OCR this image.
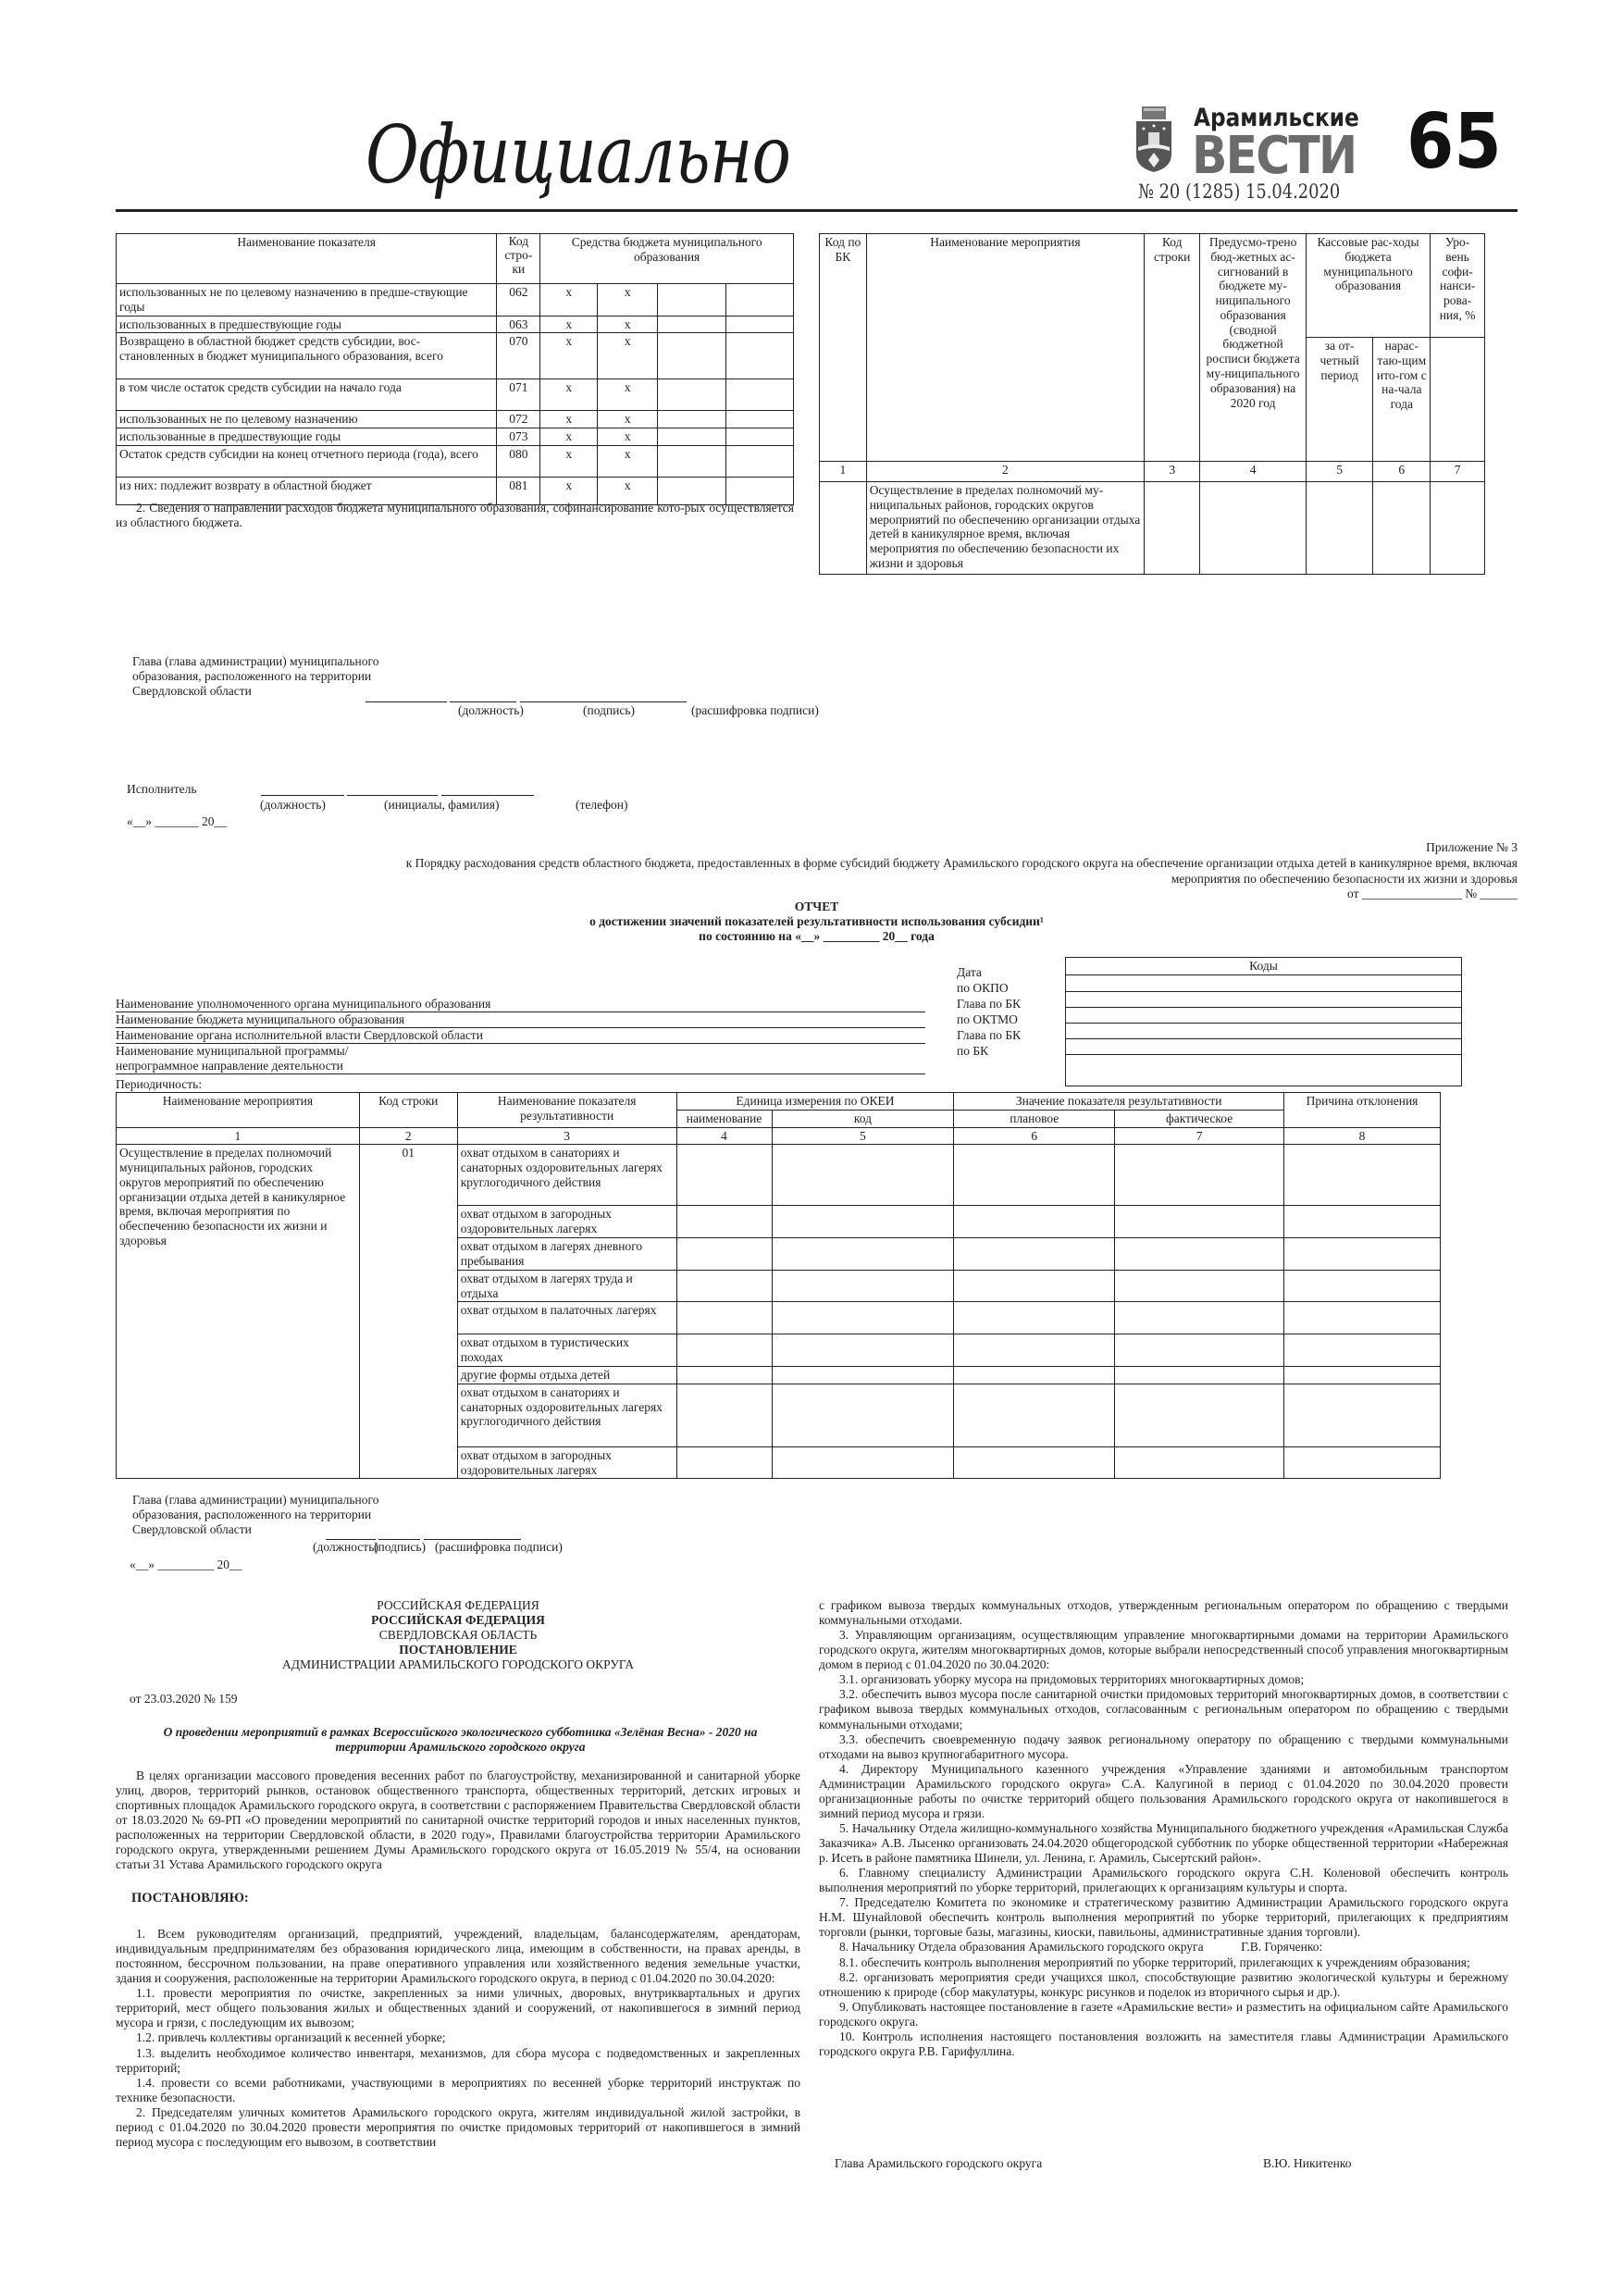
Официально	Арамильские
ВЕСТИ
№ 20 (1285) 15.04.2020
65
Наименование показателя	Код
стро-
ки	Средства бюджета муниципального образования			
использованных не по целевому назначению в предше-ствующие годы	062	x	x		
использованных в предшествующие годы	063	x	x		
Возвращено в областной бюджет средств субсидии, вос-становленных в бюджет муниципального образования, всего	070	x	x		
в том числе остаток средств субсидии на начало года	071	x	x		
использованных не по целевому назначению	072	x	x		
использованные в предшествующие годы	073	x	x		
Остаток средств субсидии на конец отчетного периода (года), всего	080	x	x		
из них: подлежит возврату в областной бюджет	081	x	x		
2. Сведения о направлении расходов бюджета муниципального образования, софинансирование кото-рых осуществляется из областного бюджета.
Код по БК	Наименование мероприятия	Код строки	Предусмо-трено бюд-жетных ас-сигнований в бюджете му-ниципального образования (сводной бюджетной росписи бюджета му-ниципального образования) на 2020 год	Кассовые рас-ходы бюджета муниципального образования		Уро-вень софи-нанси-рова-ния, %
				за от-четный период	нарас-таю-щим ито-гом с на-чала года	
1	2	3	4	5	6	7
	Осуществление в пределах полномочий му-ниципальных районов, городских округов мероприятий по обеспечению организации отдыха детей в каникулярное время, включая мероприятия по обеспечению безопасности их жизни и здоровья					
Глава (глава администрации) муниципального образования, расположенного на территории Свердловской области

(должность)	(подпись)	(расшифровка подписи)
Исполнитель

(должность)	(инициалы, фамилия)	(телефон)
«__» _______ 20__
Приложение № 3
к Порядку расходования средств областного бюджета, предоставленных в форме субсидий бюджету Арамильского городского округа на обеспечение организации отдыха детей в каникулярное время, включая
мероприятия по обеспечению безопасности их жизни и здоровья
от ________________ № ______
ОТЧЕТ
о достижении значений показателей результативности использования субсидии¹
по состоянию на «__» _________ 20__ года
Дата
по ОКПО
Наименование уполномоченного органа муниципального образования	Глава по БК
Наименование бюджета муниципального образования	по ОКТМО
Наименование органа исполнительной власти Свердловской области	Глава по БК
Наименование муниципальной программы/непрограммное направление деятельности
по БК
Периодичность:
Коды

Наименование мероприятия	Код строки	Наименование показателя результативности	Единица измерения по ОКЕИ		Значение показателя результативности		Причина отклонения
			наименование	код	плановое	фактическое	
1	2	3	4	5	6	7	8
Осуществление в пределах полномочий муниципальных районов, городских округов мероприятий по обеспечению организации отдыха детей в каникулярное время, включая мероприятия по обеспечению безопасности их жизни и здоровья	01	охват отдыхом в санаториях и санаторных оздоровительных лагерях круглогодичного действия					
		охват отдыхом в загородных оздоровительных лагерях					
		охват отдыхом в лагерях дневного пребывания					
		охват отдыхом в лагерях труда и отдыха					
		охват отдыхом в палаточных лагерях					
		охват отдыхом в туристических походах					
		другие формы отдыха детей					
		охват отдыхом в санаториях и санаторных оздоровительных лагерях круглогодичного действия					
		охват отдыхом в загородных оздоровительных лагерях					
Глава (глава администрации) муниципального образования, расположенного на территории Свердловской области

(должность)
(подпись) (расшифровка подписи)
«__» _________ 20__
РОССИЙСКАЯ ФЕДЕРАЦИЯ
РОССИЙСКАЯ ФЕДЕРАЦИЯ
СВЕРДЛОВСКАЯ ОБЛАСТЬ
ПОСТАНОВЛЕНИЕ
АДМИНИСТРАЦИИ АРАМИЛЬСКОГО ГОРОДСКОГО ОКРУГА
от 23.03.2020 № 159
О проведении мероприятий в рамках Всероссийского экологического субботника «Зелёная Весна» - 2020 на территории Арамильского городского округа
В целях организации массового проведения весенних работ по благоустройству, механизированной и санитарной уборке улиц, дворов, территорий рынков, остановок общественного транспорта, общественных территорий, детских игровых и спортивных площадок Арамильского городского округа, в соответствии с распоряжением Правительства Свердловской области от 18.03.2020 № 69-РП «О проведении мероприятий по санитарной очистке территорий городов и иных населенных пунктов, расположенных на территории Свердловской области, в 2020 году», Правилами благоустройства территории Арамильского городского округа, утвержденными решением Думы Арамильского городского округа от 16.05.2019 № 55/4, на основании статьи 31 Устава Арамильского городского округа
ПОСТАНОВЛЯЮ:

1. Всем руководителям организаций, предприятий, учреждений, владельцам, балансодержателям, арендаторам, индивидуальным предпринимателям без образования юридического лица, имеющим в собственности, на правах аренды, в постоянном, бессрочном пользовании, на праве оперативного управления или хозяйственного ведения земельные участки, здания и сооружения, расположенные на территории Арамильского городского округа, в период с 01.04.2020 по 30.04.2020:

1.1. провести мероприятия по очистке, закрепленных за ними уличных, дворовых, внутриквартальных и других территорий, мест общего пользования жилых и общественных зданий и сооружений, от накопившегося в зимний период мусора и грязи, с последующим их вывозом;

1.2. привлечь коллективы организаций к весенней уборке;

1.3. выделить необходимое количество инвентаря, механизмов, для сбора мусора с подведомственных и закрепленных территорий;

1.4. провести со всеми работниками, участвующими в мероприятиях по весенней уборке территорий инструктаж по технике безопасности.

2. Председателям уличных комитетов Арамильского городского округа, жителям индивидуальной жилой застройки, в период с 01.04.2020 по 30.04.2020 провести мероприятия по очистке придомовых территорий от накопившегося в зимний период мусора с последующим его вывозом, в соответствии

с графиком вывоза твердых коммунальных отходов, утвержденным региональным оператором по обращению с твердыми коммунальными отходами.

3. Управляющим организациям, осуществляющим управление многоквартирными домами на территории Арамильского городского округа, жителям многоквартирных домов, которые выбрали непосредственный способ управления многоквартирным домом в период с 01.04.2020 по 30.04.2020:

3.1. организовать уборку мусора на придомовых территориях многоквартирных домов;

3.2. обеспечить вывоз мусора после санитарной очистки придомовых территорий многоквартирных домов, в соответствии с графиком вывоза твердых коммунальных отходов, согласованным с региональным оператором по обращению с твердыми коммунальными отходами;

3.3. обеспечить своевременную подачу заявок региональному оператору по обращению с твердыми коммунальными отходами на вывоз крупногабаритного мусора.

4. Директору Муниципального казенного учреждения «Управление зданиями и автомобильным транспортом Администрации Арамильского городского округа» С.А. Калугиной в период с 01.04.2020 по 30.04.2020 провести организационные работы по очистке территорий общего пользования Арамильского городского округа от накопившегося в зимний период мусора и грязи.

5. Начальнику Отдела жилищно-коммунального хозяйства Муниципального бюджетного учреждения «Арамильская Служба Заказчика» А.В. Лысенко организовать 24.04.2020 общегородской субботник по уборке общественной территории «Набережная р. Исеть в районе памятника Шинели, ул. Ленина, г. Арамиль, Сысертский район».

6. Главному специалисту Администрации Арамильского городского округа С.Н. Коленовой обеспечить контроль выполнения мероприятий по уборке территорий, прилегающих к организациям культуры и спорта.

7. Председателю Комитета по экономике и стратегическому развитию Администрации Арамильского городского округа Н.М. Шунайловой обеспечить контроль выполнения мероприятий по уборке территорий, прилегающих к предприятиям торговли (рынки, торговые базы, магазины, киоски, павильоны, административные здания торговли).

8. Начальнику Отдела образования Арамильского городского округа            Г.В. Горяченко:

8.1. обеспечить контроль выполнения мероприятий по уборке территорий, прилегающих к учреждениям образования;

8.2. организовать мероприятия среди учащихся школ, способствующие развитию экологической культуры и бережному отношению к природе (сбор макулатуры, конкурс рисунков и поделок из вторичного сырья и др.).

9. Опубликовать настоящее постановление в газете «Арамильские вести» и разместить на официальном сайте Арамильского городского округа.

10. Контроль исполнения настоящего постановления возложить на заместителя главы Администрации Арамильского городского округа Р.В. Гарифуллина.

Глава Арамильского городского округа	В.Ю. Никитенко
